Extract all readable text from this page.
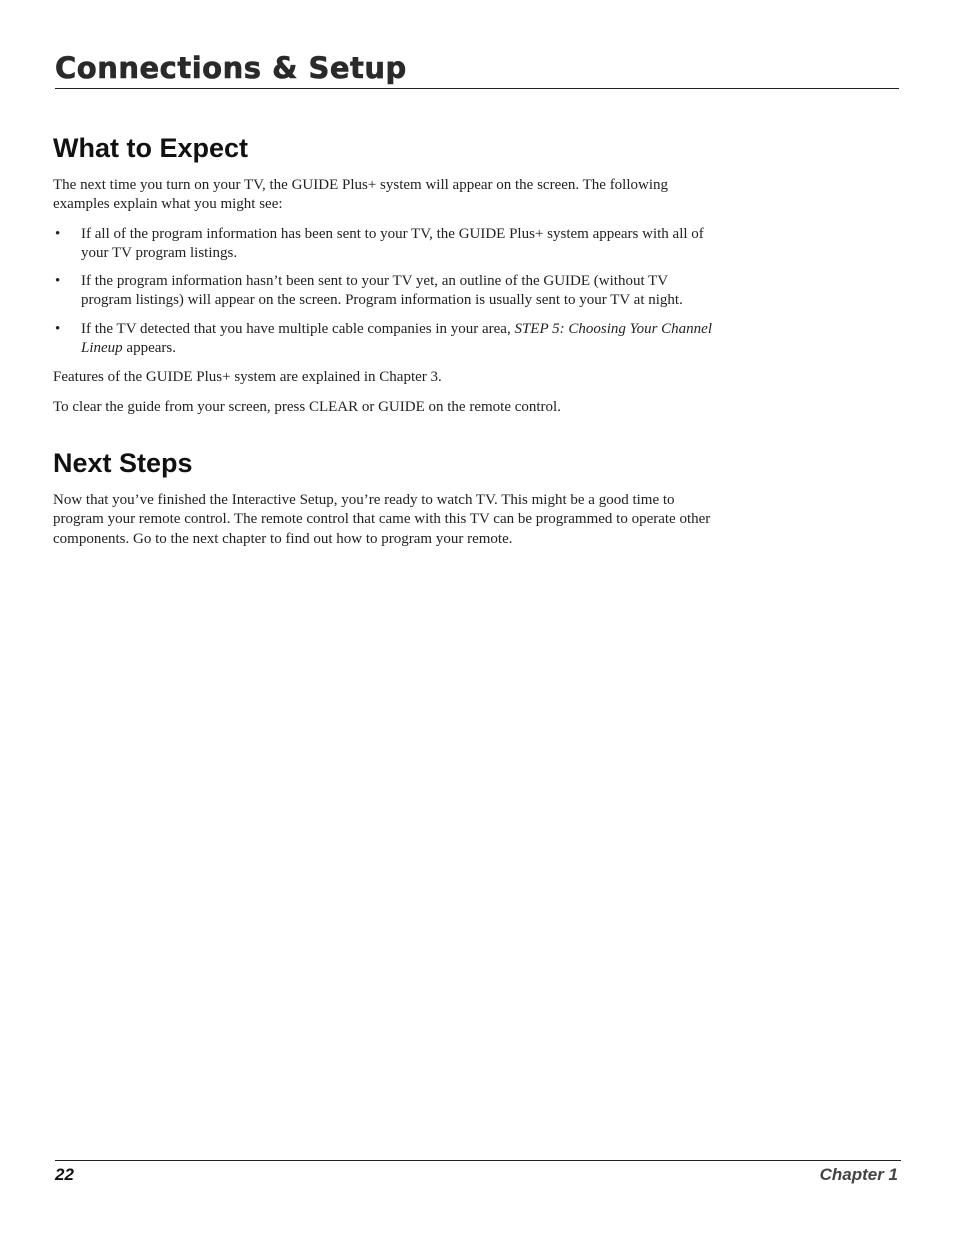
Connections & Setup
What to Expect

The next time you turn on your TV, the GUIDE Plus+ system will appear on the screen. The following examples explain what you might see:

• If all of the program information has been sent to your TV, the GUIDE Plus+ system appears with all of your TV program listings.
• If the program information hasn’t been sent to your TV yet, an outline of the GUIDE (without TV program listings) will appear on the screen. Program information is usually sent to your TV at night.
• If the TV detected that you have multiple cable companies in your area, STEP 5: Choosing Your Channel Lineup appears.

Features of the GUIDE Plus+ system are explained in Chapter 3.

To clear the guide from your screen, press CLEAR or GUIDE on the remote control.

Next Steps

Now that you’ve finished the Interactive Setup, you’re ready to watch TV. This might be a good time to program your remote control. The remote control that came with this TV can be programmed to operate other components. Go to the next chapter to find out how to program your remote.

22	Chapter 1
